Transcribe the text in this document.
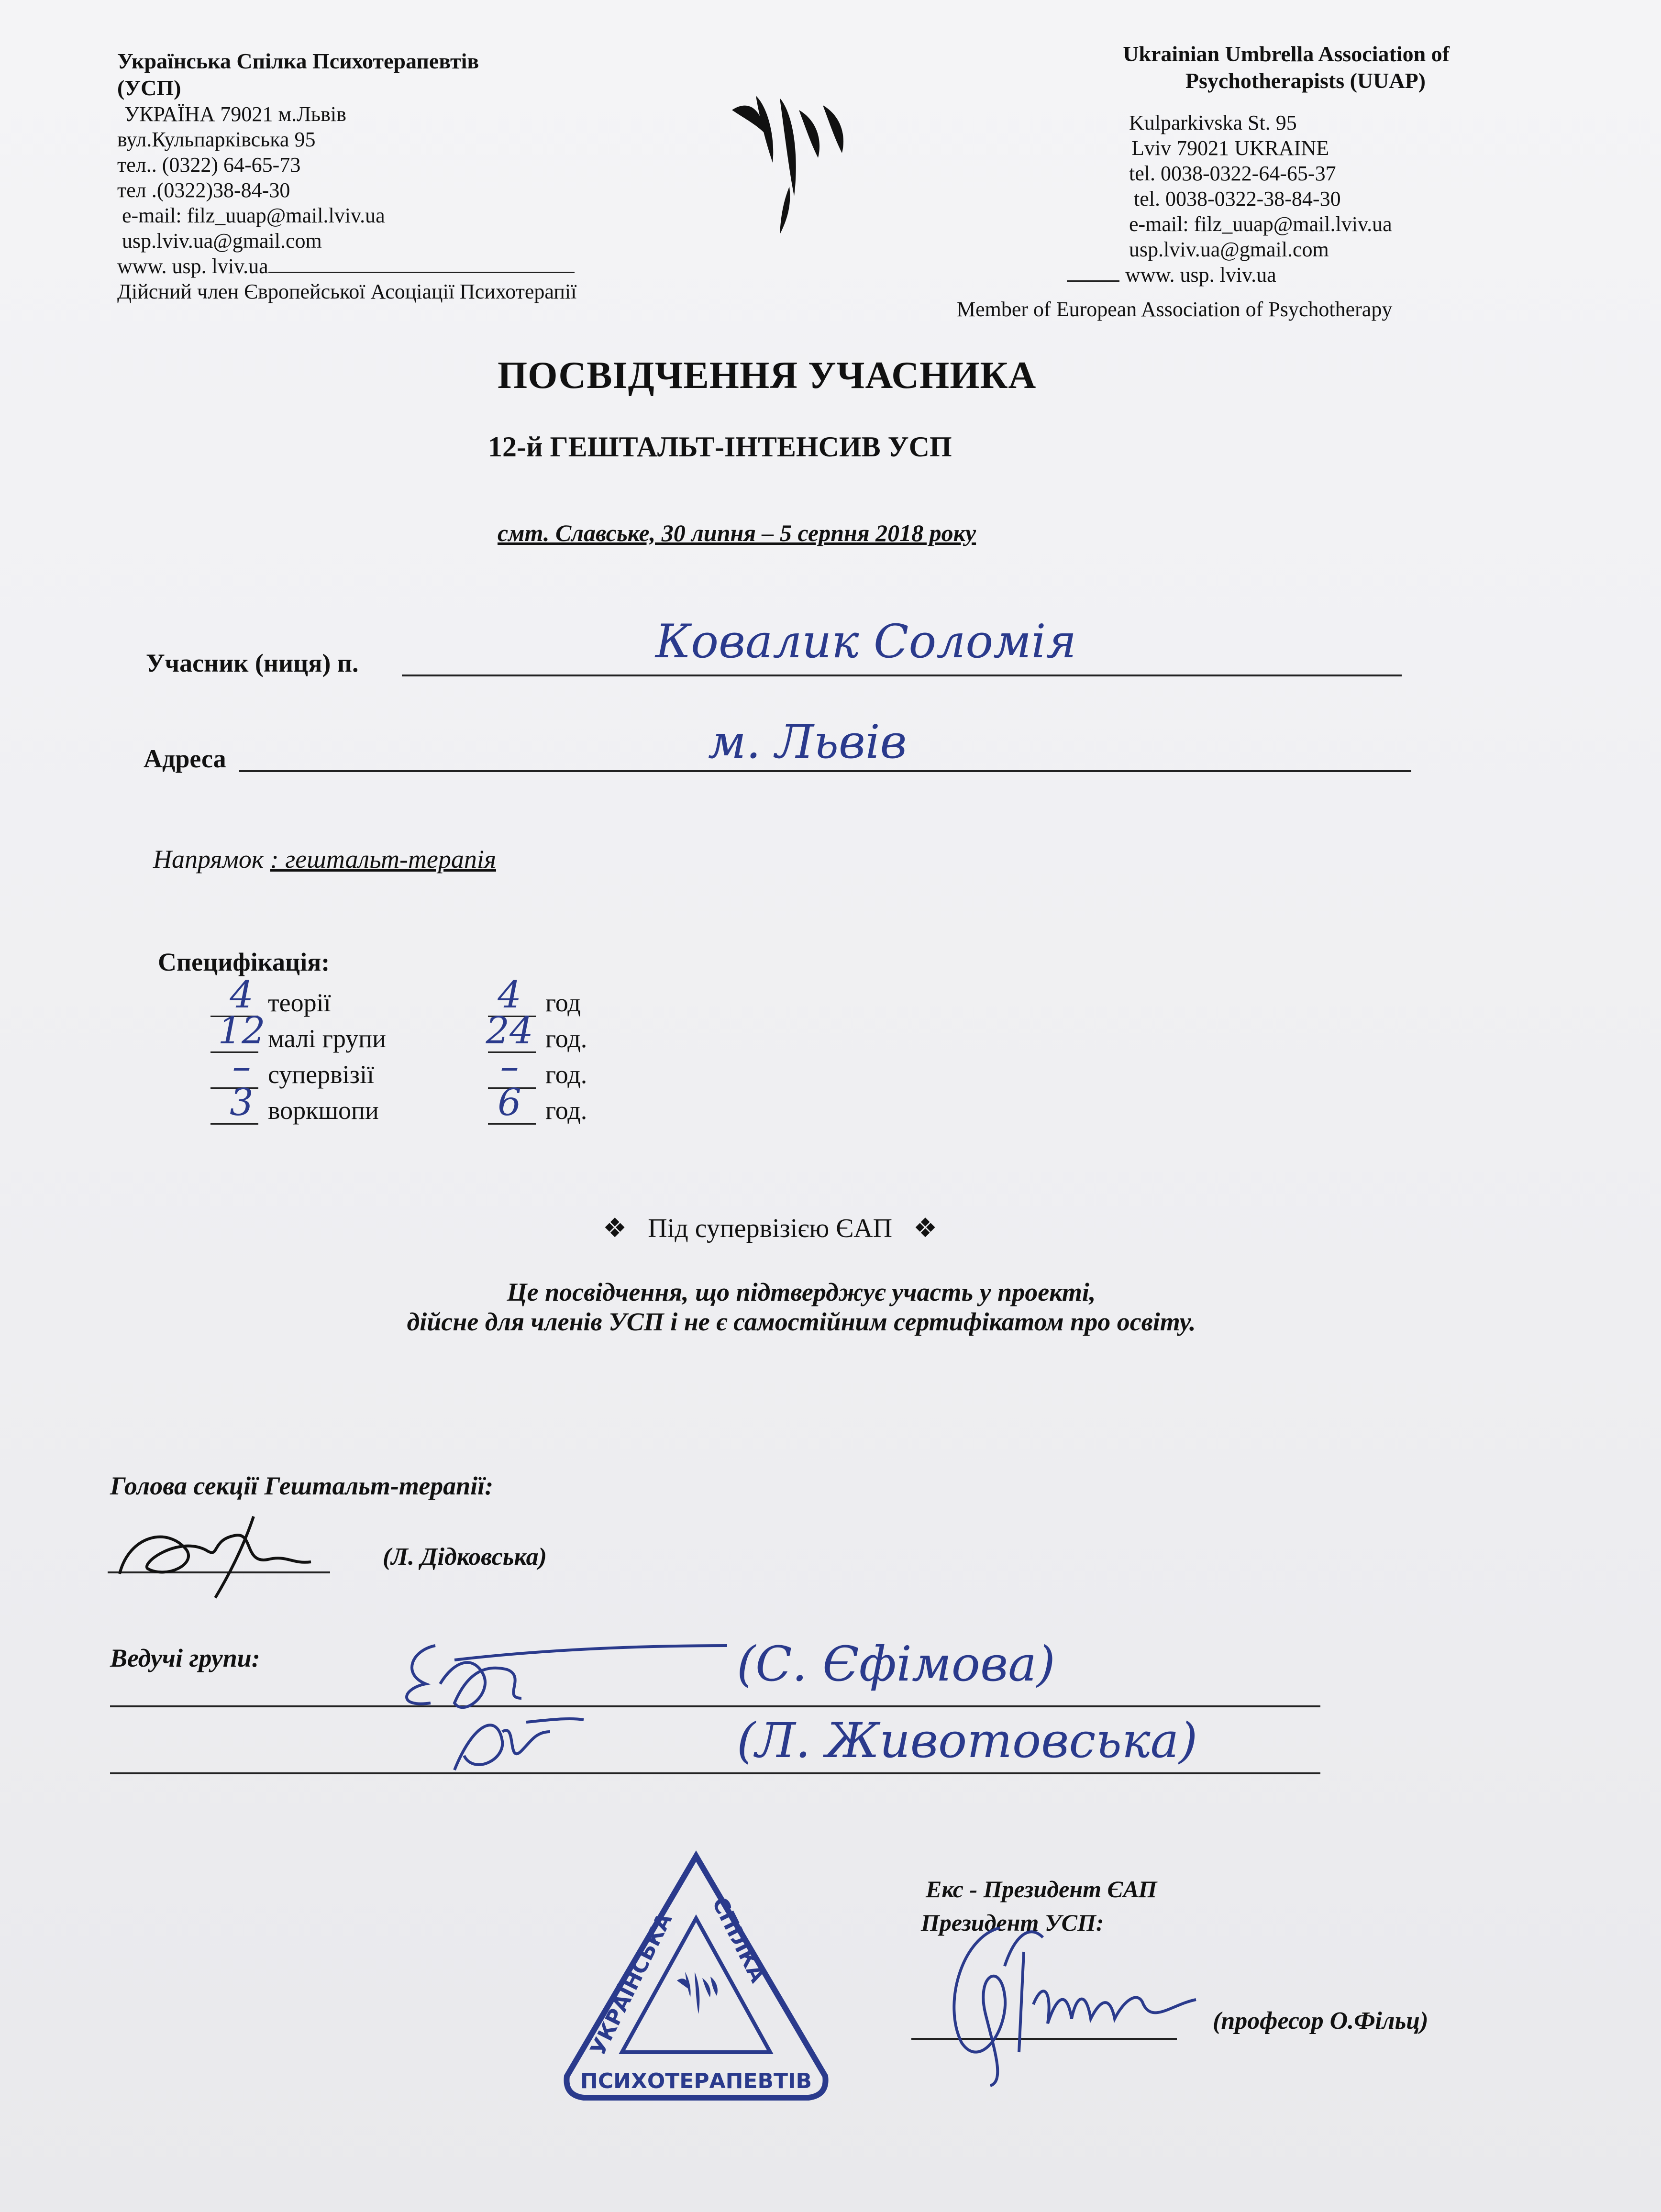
Українська Спілка Психотерапевтів
(УСП)
УКРАЇНА 79021 м.Львів
вул.Кульпарківська 95
тел.. (0322) 64-65-73
тел .(0322)38-84-30
e-mail: filz_uuap@mail.lviv.ua
usp.lviv.ua@gmail.com
www. usp. lviv.ua
Дійсний член Європейської Асоціації Психотерапії
Ukrainian Umbrella Association of
Psychotherapists (UUAP)
Kulparkivska St. 95
Lviv 79021 UKRAINE
tel. 0038-0322-64-65-37
tel. 0038-0322-38-84-30
e-mail: filz_uuap@mail.lviv.ua
usp.lviv.ua@gmail.com
www. usp. lviv.ua
Member of European Association of Psychotherapy
ПОСВІДЧЕННЯ УЧАСНИКА
12-й ГЕШТАЛЬТ-ІНТЕНСИВ УСП
смт. Славське, 30 липня – 5 серпня 2018 року
Учасник (ниця) п.	Ковалик Соломія
Адреса	м. Львів
Напрямок : гештальт-терапія
Специфікація:
4 теорії	4 год
12 малі групи	24 год.
– супервізії	–	год.
3 воркшопи	6 год.
❖ Під супервізією ЄАП ❖
Це посвідчення, що підтверджує участь у проекті,
дійсне для членів УСП і не є самостійним сертифікатом про освіту.
Голова секції Гештальт-терапії:
(Л. Дідковська)
Ведучі групи:	(С. Єфімова)
(Л. Животовська)
УКРАЇНСЬКА
СПІЛКА
ПСИХОТЕРАПЕВТІВ
Екс - Президент ЄАП
Президент УСП:
(професор О.Фільц)
